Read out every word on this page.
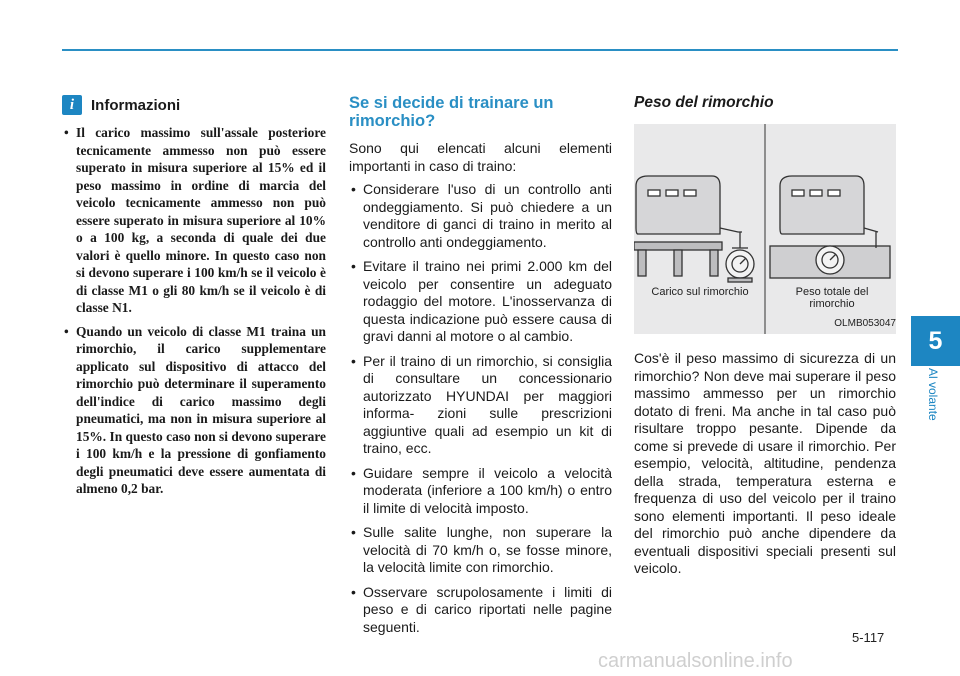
i	Informazioni
• Il carico massimo sull'assale posteriore tecnicamente ammesso non può essere superato in misura superiore al 15% ed il peso massimo in ordine di marcia del veicolo tecnicamente ammesso non può essere superato in misura superiore al 10% o a 100 kg, a seconda di quale dei due valori è quello minore. In questo caso non si devono superare i 100 km/h se il veicolo è di classe M1 o gli 80 km/h se il veicolo è di classe N1.
• Quando un veicolo di classe M1 traina un rimorchio, il carico supplementare applicato sul dispositivo di attacco del rimorchio può determinare il superamento dell'indice di carico massimo degli pneumatici, ma non in misura superiore al 15%. In questo caso non si devono superare i 100 km/h e la pressione di gonfiamento degli pneumatici deve essere aumentata di almeno 0,2 bar.
Se si decide di trainare un rimorchio?

Sono qui elencati alcuni elementi importanti in caso di traino:

• Considerare l'uso di un controllo anti ondeggiamento. Si può chiedere a un venditore di ganci di traino in merito al controllo anti ondeggiamento.
• Evitare il traino nei primi 2.000 km del veicolo per consentire un adeguato rodaggio del motore. L'inosservanza di questa indicazione può essere causa di gravi danni al motore o al cambio.
• Per il traino di un rimorchio, si consiglia di consultare un concessionario autorizzato HYUNDAI per maggiori informa- zioni sulle prescrizioni aggiuntive quali ad esempio un kit di traino, ecc.
• Guidare sempre il veicolo a velocità moderata (inferiore a 100 km/h) o entro il limite di velocità imposto.
• Sulle salite lunghe, non superare la velocità di 70 km/h o, se fosse minore, la velocità limite con rimorchio.
• Osservare scrupolosamente i limiti di peso e di carico riportati nelle pagine seguenti.
Peso del rimorchio
Carico sul rimorchio	Peso totale del
rimorchio
OLMB053047

Cos'è il peso massimo di sicurezza di un rimorchio? Non deve mai superare il peso massimo ammesso per un rimorchio dotato di freni. Ma anche in tal caso può risultare troppo pesante. Dipende da come si prevede di usare il rimorchio. Per esempio, velocità, altitudine, pendenza della strada, temperatura esterna e frequenza di uso del veicolo per il traino sono elementi importanti. Il peso ideale del rimorchio può anche dipendere da eventuali dispositivi speciali presenti sul veicolo.

5
Al volante
5-117
carmanualsonline.info
